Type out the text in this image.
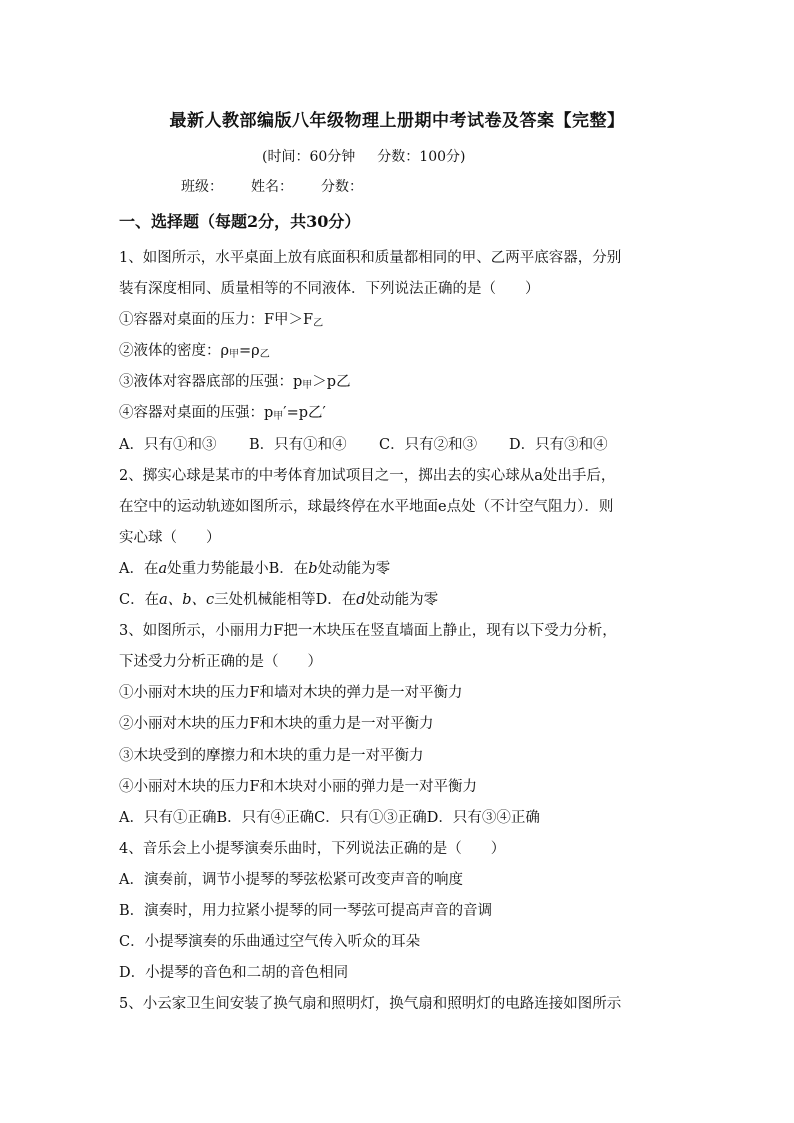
最新人教部编版八年级物理上册期中考试卷及答案【完整】
(时间：60分钟 分数：100分)
班级： 姓名： 分数：
一、选择题（每题2分，共30分）
1、如图所示，水平桌面上放有底面积和质量都相同的甲、乙两平底容器，分别
装有深度相同、质量相等的不同液体．下列说法正确的是（　　）
①容器对桌面的压力：F甲$>F_乙$
②液体的密度：$\rho_甲=\rho_乙$
③液体对容器底部的压强：$p_甲>p$乙
④容器对桌面的压强：$p_甲'=p$乙′
A．只有①和③ B．只有①和④ C．只有②和③ D．只有③和④
2、掷实心球是某市的中考体育加试项目之一，掷出去的实心球从a处出手后，
在空中的运动轨迹如图所示，球最终停在水平地面e点处（不计空气阻力）．则
实心球（　　）
A．在a处重力势能最小B．在b处动能为零
C．在a、b、c三处机械能相等D．在d处动能为零
3、如图所示，小丽用力F把一木块压在竖直墙面上静止，现有以下受力分析，
下述受力分析正确的是（　　）
①小丽对木块的压力F和墙对木块的弹力是一对平衡力
②小丽对木块的压力F和木块的重力是一对平衡力
③木块受到的摩擦力和木块的重力是一对平衡力
④小丽对木块的压力F和木块对小丽的弹力是一对平衡力
A．只有①正确B．只有④正确C．只有①③正确D．只有③④正确
4、音乐会上小提琴演奏乐曲时，下列说法正确的是（　　）
A．演奏前，调节小提琴的琴弦松紧可改变声音的响度
B．演奏时，用力拉紧小提琴的同一琴弦可提高声音的音调
C．小提琴演奏的乐曲通过空气传入听众的耳朵
D．小提琴的音色和二胡的音色相同
5、小云家卫生间安装了换气扇和照明灯，换气扇和照明灯的电路连接如图所示
